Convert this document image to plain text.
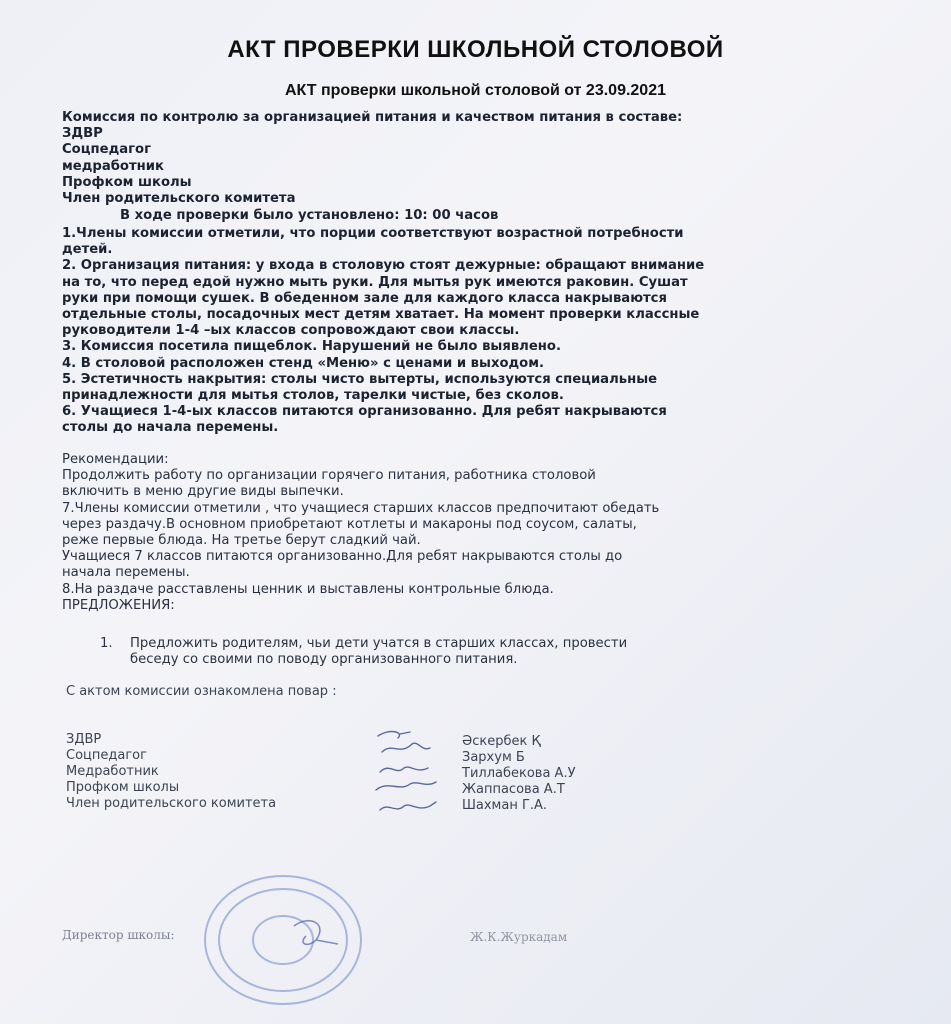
АКТ ПРОВЕРКИ ШКОЛЬНОЙ СТОЛОВОЙ
АКТ проверки школьной столовой от 23.09.2021
Комиссия по контролю за организацией питания и качеством питания в составе:
ЗДВР
Соцпедагог
медработник
Профком школы
Член родительского комитета
В ходе проверки было установлено: 10: 00 часов
1.Члены комиссии отметили, что порции соответствуют возрастной потребности
детей.
2. Организация питания: у входа в столовую стоят дежурные: обращают внимание
на то, что перед едой нужно мыть руки. Для мытья рук имеются раковин. Сушат
руки при помощи сушек. В обеденном зале для каждого класса накрываются
отдельные столы, посадочных мест детям хватает. На момент проверки классные
руководители 1-4 –ых классов сопровождают свои классы.
3. Комиссия посетила пищеблок. Нарушений не было выявлено.
4. В столовой расположен стенд «Меню» с ценами и выходом.
5. Эстетичность накрытия: столы чисто вытерты, используются специальные
принадлежности для мытья столов, тарелки чистые, без сколов.
6. Учащиеся 1-4-ых классов питаются организованно. Для ребят накрываются
столы до начала перемены.
Рекомендации:
Продолжить работу по организации горячего питания, работника столовой
включить в меню другие виды выпечки.
7.Члены комиссии отметили , что учащиеся старших классов предпочитают обедать
через раздачу.В основном приобретают котлеты и макароны под соусом, салаты,
реже первые блюда. На третье берут сладкий чай.
Учащиеся 7 классов питаются организованно.Для ребят накрываются столы до
начала перемены.
8.На раздаче расставлены ценник и выставлены контрольные блюда.
ПРЕДЛОЖЕНИЯ:
1. Предложить родителям, чьи дети учатся в старших классах, провести
беседу со своими по поводу организованного питания.
С актом комиссии ознакомлена повар :
ЗДВР
Соцпедагог
Медработник
Профком школы
Член родительского комитета
Әскербек Қ
Зархум Б
Тиллабекова А.У
Жаппасова А.Т
Шахман Г.А.
Директор школы:	Ж.К.Журкадам
